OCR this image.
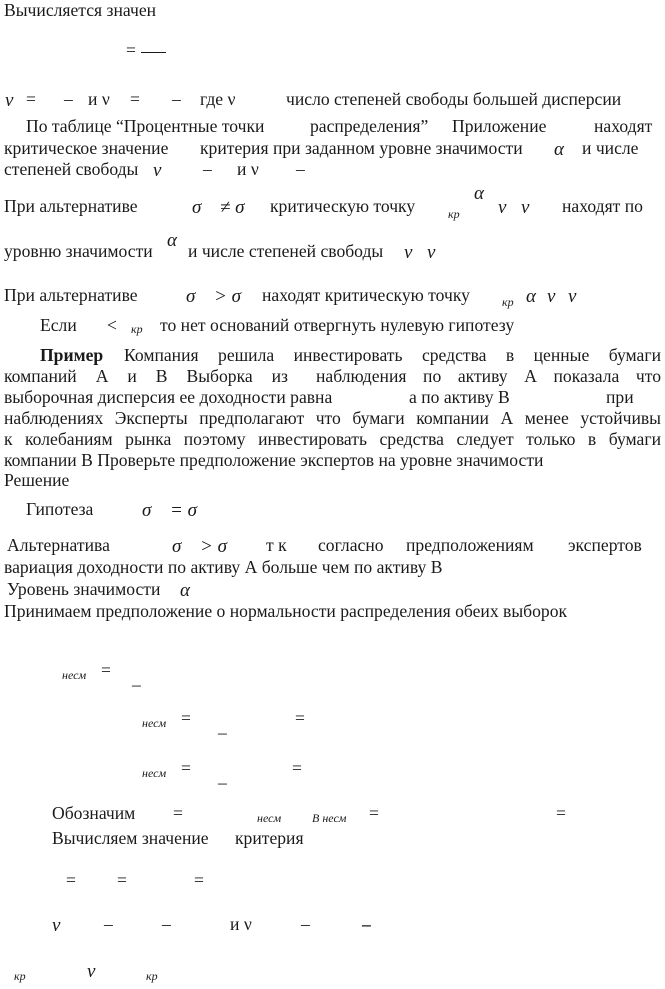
Вычисляется значен
=
ν = – и ν = – где ν	число степеней свободы большей дисперсии
По таблице “Процентные точки	распределения” Приложение	находят
критическое значение критерия при заданном уровне значимости α и числе
степеней свободы ν – и ν –
При альтернативе	σ ≠ σ критическую точку	кр
α
ν ν находят по
уровню значимости α и числе степеней свободы ν ν
При альтернативе	σ > σ находят критическую точку	кр α ν ν
Если < кр то нет оснований отвергнуть нулевую гипотезу
Пример Компания решила инвестировать средства в ценные бумаги
компаний А и В Выборка из наблюдения по активу А показала что
выборочная дисперсия ее доходности равна	а по активу В	при
наблюдениях Эксперты предполагают что бумаги компании А менее устойчивы
к колебаниям рынка поэтому инвестировать средства следует только в бумаги
компании В Проверьте предположение экспертов на уровне значимости
Решение
Гипотеза	σ = σ
Альтернатива	σ > σ т к согласно предположениям экспертов
вариация доходности по активу А больше чем по активу В
Уровень значимости α
Принимаем предположение о нормальности распределения обеих выборок
несм = _
несм = _	=
несм = _	=
Обозначим =	несм	В несм =	=
Вычисляем значение критерия
= =	=
ν –	–	и ν	–	–
кр	ν	кр
